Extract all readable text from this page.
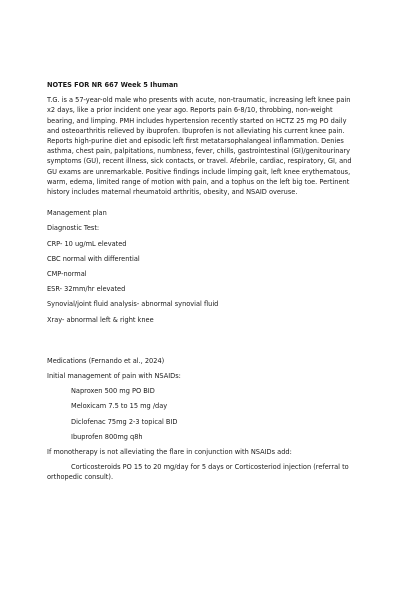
NOTES FOR NR 667 Week 5 Ihuman

T.G. is a 57-year-old male who presents with acute, non-traumatic, increasing left knee pain x2 days, like a prior incident one year ago. Reports pain 6-8/10, throbbing, non-weight bearing, and limping. PMH includes hypertension recently started on HCTZ 25 mg PO daily and osteoarthritis relieved by ibuprofen. Ibuprofen is not alleviating his current knee pain. Reports high-purine diet and episodic left first metatarsophalangeal inflammation. Denies asthma, chest pain, palpitations, numbness, fever, chills, gastrointestinal (GI)/genitourinary symptoms (GU), recent illness, sick contacts, or travel. Afebrile, cardiac, respiratory, GI, and GU exams are unremarkable. Positive findings include limping gait, left knee erythematous, warm, edema, limited range of motion with pain, and a tophus on the left big toe. Pertinent history includes maternal rheumatoid arthritis, obesity, and NSAID overuse.

Management plan

Diagnostic Test:

CRP- 10 ug/mL elevated

CBC normal with differential

CMP-normal

ESR- 32mm/hr elevated

Synovial/joint fluid analysis- abnormal synovial fluid

Xray- abnormal left & right knee

Medications (Fernando et al., 2024)

Initial management of pain with NSAIDs:

Naproxen 500 mg PO BID

Meloxicam 7.5 to 15 mg /day

Diclofenac 75mg 2-3 topical BID

Ibuprofen 800mg q8h

If monotherapy is not alleviating the flare in conjunction with NSAIDs add:

Corticosteroids PO 15 to 20 mg/day for 5 days or Corticosteriod injection (referral to orthopedic consult).
